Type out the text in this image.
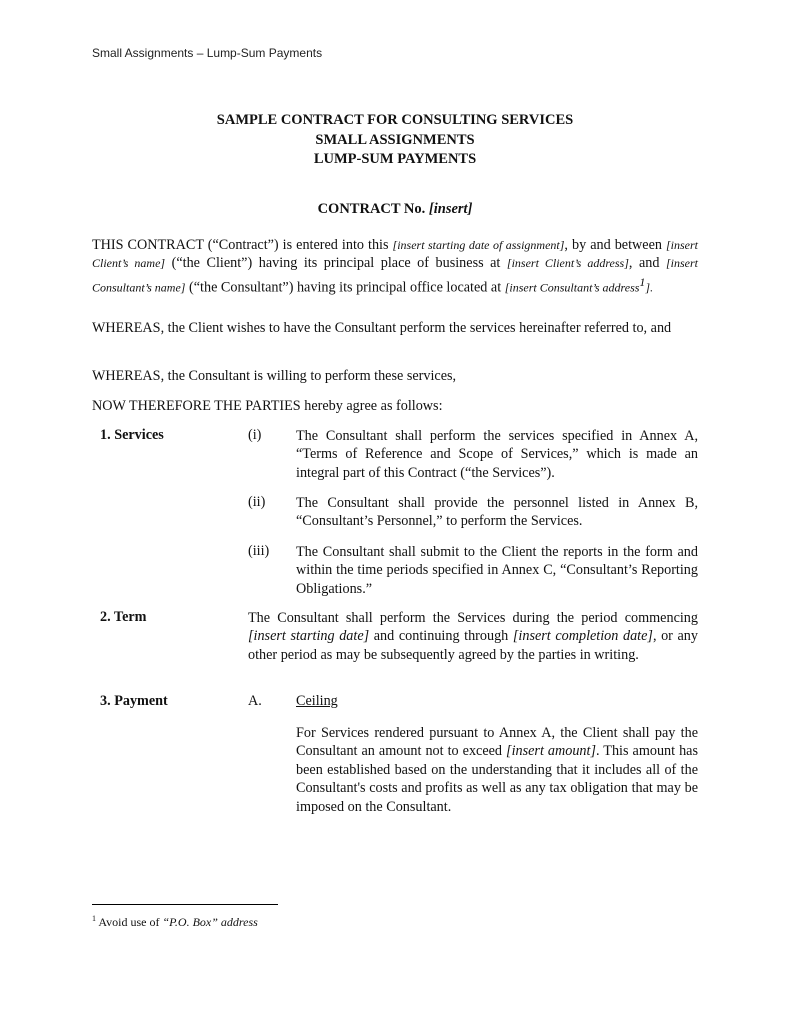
Small Assignments – Lump-Sum Payments
SAMPLE CONTRACT FOR CONSULTING SERVICES
SMALL ASSIGNMENTS
LUMP-SUM PAYMENTS
CONTRACT No. [insert]
THIS CONTRACT (“Contract”) is entered into this [insert starting date of assignment], by and between [insert Client’s name] (“the Client”) having its principal place of business at [insert Client’s address], and [insert Consultant’s name] (“the Consultant”) having its principal office located at [insert Consultant’s address$^1$].
WHEREAS, the Client wishes to have the Consultant perform the services hereinafter referred to, and
WHEREAS, the Consultant is willing to perform these services,
NOW THEREFORE THE PARTIES hereby agree as follows:
1. Services	(i) The Consultant shall perform the services specified in Annex A, “Terms of Reference and Scope of Services,” which is made an integral part of this Contract (“the Services”).
(ii) The Consultant shall provide the personnel listed in Annex B, “Consultant’s Personnel,” to perform the Services.
(iii) The Consultant shall submit to the Client the reports in the form and within the time periods specified in Annex C, “Consultant’s Reporting Obligations.”
2. Term	The Consultant shall perform the Services during the period commencing [insert starting date] and continuing through [insert completion date], or any other period as may be subsequently agreed by the parties in writing.
3. Payment	A. Ceiling
For Services rendered pursuant to Annex A, the Client shall pay the Consultant an amount not to exceed [insert amount]. This amount has been established based on the understanding that it includes all of the Consultant's costs and profits as well as any tax obligation that may be imposed on the Consultant.
$^1$ Avoid use of “P.O. Box” address
